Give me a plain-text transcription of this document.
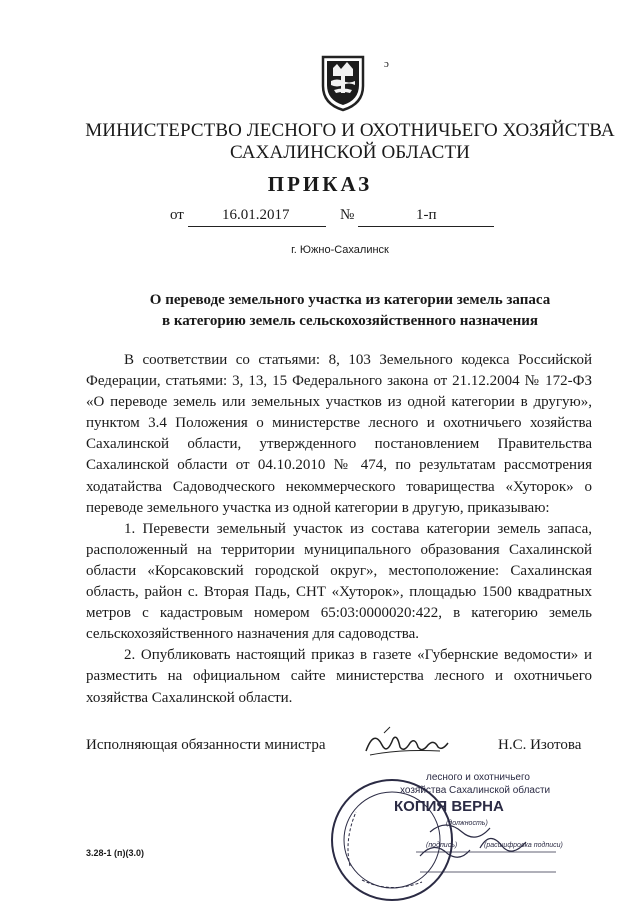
ɔ
МИНИСТЕРСТВО ЛЕСНОГО И ОХОТНИЧЬЕГО ХОЗЯЙСТВА
САХАЛИНСКОЙ ОБЛАСТИ
ПРИКАЗ
от	16.01.2017	№	1-п
г. Южно-Сахалинск
О переводе земельного участка из категории земель запаса
в категорию земель сельскохозяйственного назначения

В соответствии со статьями: 8, 103 Земельного кодекса Российской Федерации, статьями: 3, 13, 15 Федерального закона от 21.12.2004 № 172-ФЗ «О переводе земель или земельных участков из одной категории в другую», пунктом 3.4 Положения о министерстве лесного и охотничьего хозяйства Сахалинской области, утвержденного постановлением Правительства Сахалинской области от 04.10.2010 № 474, по результатам рассмотрения ходатайства Садоводческого некоммерческого товарищества «Хуторок» о переводе земельного участка из одной категории в другую, приказываю:

1. Перевести земельный участок из состава категории земель запаса, расположенный на территории муниципального образования Сахалинской области «Корсаковский городской округ», местоположение: Сахалинская область, район с. Вторая Падь, СНТ «Хуторок», площадью 1500 квадратных метров с кадастровым номером 65:03:0000020:422, в категорию земель сельскохозяйственного назначения для садоводства.

2. Опубликовать настоящий приказ в газете «Губернские ведомости» и разместить на официальном сайте министерства лесного и охотничьего хозяйства Сахалинской области.

Исполняющая обязанности министра	Н.С. Изотова
лесного и охотничьего
хозяйства Сахалинской области
КОПИЯ ВЕРНА
(должность)
(подпись)	(расшифровка подписи)
3.28-1 (п)(3.0)
